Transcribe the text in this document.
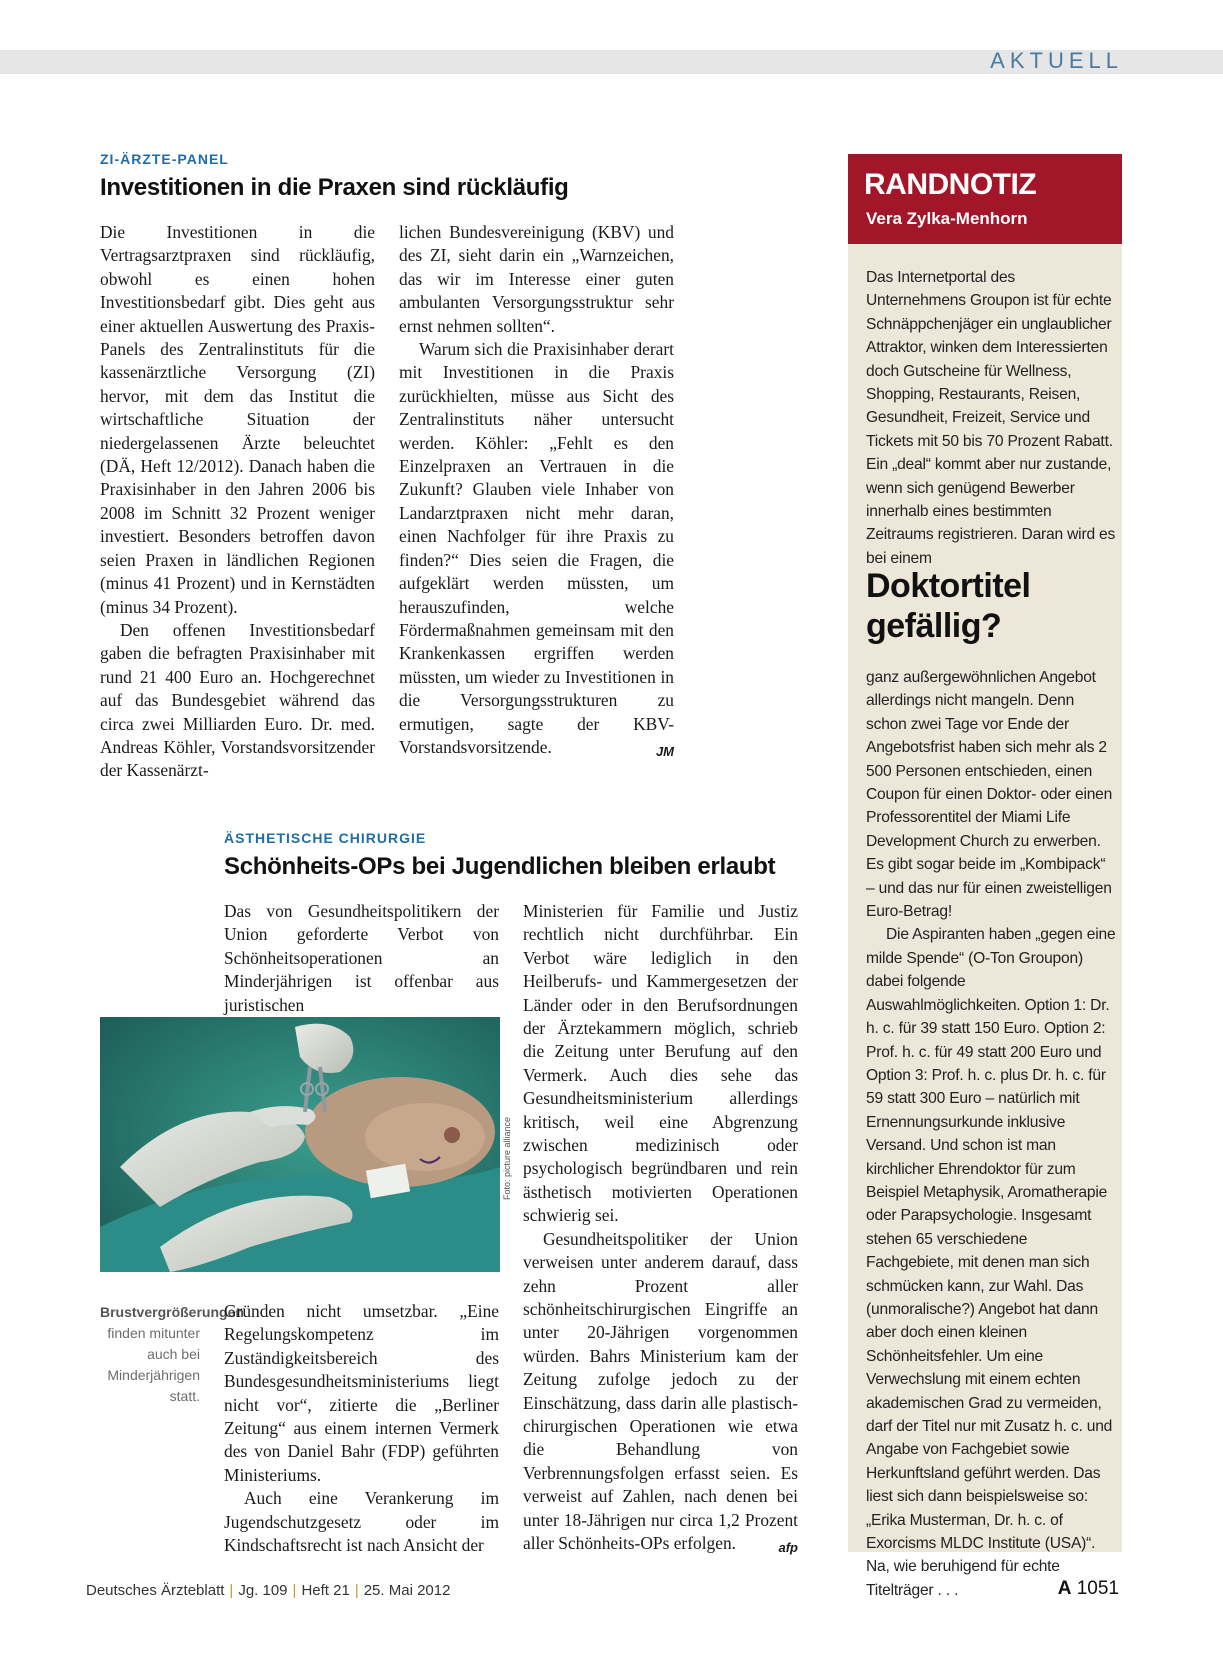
AKTUELL
ZI-ÄRZTE-PANEL
Investitionen in die Praxen sind rückläufig

Die Investitionen in die Vertragsarztpraxen sind rückläufig, obwohl es einen hohen Investitionsbedarf gibt. Dies geht aus einer aktuellen Auswertung des Praxis-Panels des Zentralinstituts für die kassenärztliche Versorgung (ZI) hervor, mit dem das Institut die wirtschaftliche Situation der niedergelassenen Ärzte beleuchtet (DÄ, Heft 12/2012). Danach haben die Praxisinhaber in den Jahren 2006 bis 2008 im Schnitt 32 Prozent weniger investiert. Besonders betroffen davon seien Praxen in ländlichen Regionen (minus 41 Prozent) und in Kernstädten (minus 34 Prozent).

Den offenen Investitionsbedarf gaben die befragten Praxisinhaber mit rund 21 400 Euro an. Hochgerechnet auf das Bundesgebiet während das circa zwei Milliarden Euro. Dr. med. Andreas Köhler, Vorstandsvorsitzender der Kassenärzt-

lichen Bundesvereinigung (KBV) und des ZI, sieht darin ein „Warnzeichen, das wir im Interesse einer guten ambulanten Versorgungsstruktur sehr ernst nehmen sollten“.

Warum sich die Praxisinhaber derart mit Investitionen in die Praxis zurückhielten, müsse aus Sicht des Zentralinstituts näher untersucht werden. Köhler: „Fehlt es den Einzelpraxen an Vertrauen in die Zukunft? Glauben viele Inhaber von Landarztpraxen nicht mehr daran, einen Nachfolger für ihre Praxis zu finden?“ Dies seien die Fragen, die aufgeklärt werden müssten, um herauszufinden, welche Fördermaßnahmen gemeinsam mit den Krankenkassen ergriffen werden müssten, um wieder zu Investitionen in die Versorgungsstrukturen zu ermutigen, sagte der KBV-Vorstandsvorsitzende.	JM

ÄSTHETISCHE CHIRURGIE
Schönheits-OPs bei Jugendlichen bleiben erlaubt

Das von Gesundheitspolitikern der Union geforderte Verbot von Schönheitsoperationen an Minderjährigen ist offenbar aus juristischen

Foto: picture alliance
Brustvergrößerungen finden mitunter auch bei Minderjährigen statt.

Gründen nicht umsetzbar. „Eine Regelungskompetenz im Zuständigkeitsbereich des Bundesgesundheitsministeriums liegt nicht vor“, zitierte die „Berliner Zeitung“ aus einem internen Vermerk des von Daniel Bahr (FDP) geführten Ministeriums.

Auch eine Verankerung im Jugendschutzgesetz oder im Kindschaftsrecht ist nach Ansicht der

Ministerien für Familie und Justiz rechtlich nicht durchführbar. Ein Verbot wäre lediglich in den Heilberufs- und Kammergesetzen der Länder oder in den Berufsordnungen der Ärztekammern möglich, schrieb die Zeitung unter Berufung auf den Vermerk. Auch dies sehe das Gesundheitsministerium allerdings kritisch, weil eine Abgrenzung zwischen medizinisch oder psychologisch begründbaren und rein ästhetisch motivierten Operationen schwierig sei.

Gesundheitspolitiker der Union verweisen unter anderem darauf, dass zehn Prozent aller schönheitschirurgischen Eingriffe an unter 20-Jährigen vorgenommen würden. Bahrs Ministerium kam der Zeitung zufolge jedoch zu der Einschätzung, dass darin alle plastisch-chirurgischen Operationen wie etwa die Behandlung von Verbrennungsfolgen erfasst seien. Es verweist auf Zahlen, nach denen bei unter 18-Jährigen nur circa 1,2 Prozent aller Schönheits-OPs erfolgen.	afp

RANDNOTIZ
Vera Zylka-Menhorn

Das Internetportal des Unternehmens Groupon ist für echte Schnäppchenjäger ein unglaublicher Attraktor, winken dem Interessierten doch Gutscheine für Wellness, Shopping, Restaurants, Reisen, Gesundheit, Freizeit, Service und Tickets mit 50 bis 70 Prozent Rabatt. Ein „deal“ kommt aber nur zustande, wenn sich genügend Bewerber innerhalb eines bestimmten Zeitraums registrieren. Daran wird es bei einem

Doktortitel gefällig?

ganz außergewöhnlichen Angebot allerdings nicht mangeln. Denn schon zwei Tage vor Ende der Angebotsfrist haben sich mehr als 2 500 Personen entschieden, einen Coupon für einen Doktor- oder einen Professorentitel der Miami Life Development Church zu erwerben. Es gibt sogar beide im „Kombipack“ – und das nur für einen zweistelligen Euro-Betrag!

Die Aspiranten haben „gegen eine milde Spende“ (O-Ton Groupon) dabei folgende Auswahlmöglichkeiten. Option 1: Dr. h. c. für 39 statt 150 Euro. Option 2: Prof. h. c. für 49 statt 200 Euro und Option 3: Prof. h. c. plus Dr. h. c. für 59 statt 300 Euro – natürlich mit Ernennungsurkunde inklusive Versand. Und schon ist man kirchlicher Ehrendoktor für zum Beispiel Metaphysik, Aromatherapie oder Parapsychologie. Insgesamt stehen 65 verschiedene Fachgebiete, mit denen man sich schmücken kann, zur Wahl. Das (unmoralische?) Angebot hat dann aber doch einen kleinen Schönheitsfehler. Um eine Verwechslung mit einem echten akademischen Grad zu vermeiden, darf der Titel nur mit Zusatz h. c. und Angabe von Fachgebiet sowie Herkunftsland geführt werden. Das liest sich dann beispielsweise so: „Erika Musterman, Dr. h. c. of Exorcisms MLDC Institute (USA)“. Na, wie beruhigend für echte Titelträger . . .

Deutsches Ärzteblatt | Jg. 109 | Heft 21 | 25. Mai 2012	A 1051
